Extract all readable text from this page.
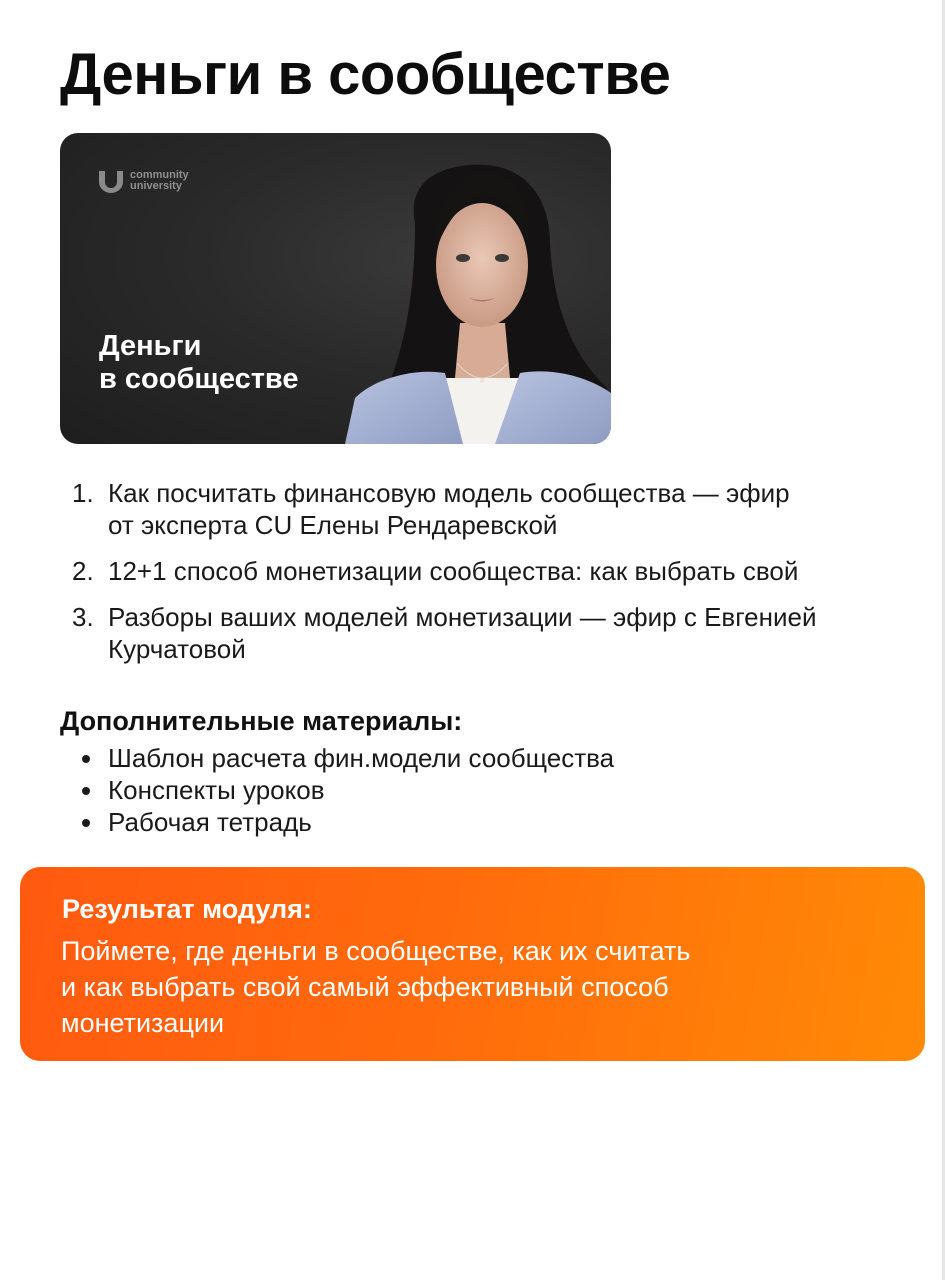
Деньги в сообществе
community
university
Деньги
в сообществе
1. Как посчитать финансовую модель сообщества — эфир
от эксперта CU Елены Рендаревской
2. 12+1 способ монетизации сообщества: как выбрать свой
3. Разборы ваших моделей монетизации — эфир с Евгенией
Курчатовой
Дополнительные материалы:
Шаблон расчета фин.модели сообщества
Конспекты уроков
Рабочая тетрадь
Результат модуля:
Поймете, где деньги в сообществе, как их считать
и как выбрать свой самый эффективный способ
монетизации
